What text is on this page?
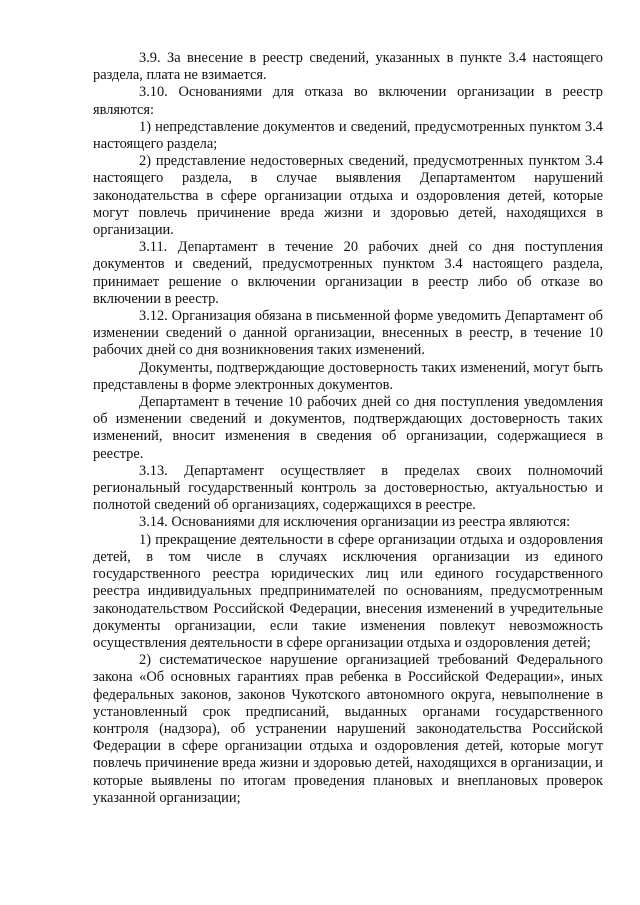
3.9. За внесение в реестр сведений, указанных в пункте 3.4 настоящего раздела, плата не взимается.

3.10. Основаниями для отказа во включении организации в реестр являются:

1) непредставление документов и сведений, предусмотренных пунктом 3.4 настоящего раздела;

2) представление недостоверных сведений, предусмотренных пунктом 3.4 настоящего раздела, в случае выявления Департаментом нарушений законодательства в сфере организации отдыха и оздоровления детей, которые могут повлечь причинение вреда жизни и здоровью детей, находящихся в организации.

3.11. Департамент в течение 20 рабочих дней со дня поступления документов и сведений, предусмотренных пунктом 3.4 настоящего раздела, принимает решение о включении организации в реестр либо об отказе во включении в реестр.

3.12. Организация обязана в письменной форме уведомить Департамент об изменении сведений о данной организации, внесенных в реестр, в течение 10 рабочих дней со дня возникновения таких изменений.

Документы, подтверждающие достоверность таких изменений, могут быть представлены в форме электронных документов.

Департамент в течение 10 рабочих дней со дня поступления уведомления об изменении сведений и документов, подтверждающих достоверность таких изменений, вносит изменения в сведения об организации, содержащиеся в реестре.

3.13. Департамент осуществляет в пределах своих полномочий региональный государственный контроль за достоверностью, актуальностью и полнотой сведений об организациях, содержащихся в реестре.

3.14. Основаниями для исключения организации из реестра являются:

1) прекращение деятельности в сфере организации отдыха и оздоровления детей, в том числе в случаях исключения организации из единого государственного реестра юридических лиц или единого государственного реестра индивидуальных предпринимателей по основаниям, предусмотренным законодательством Российской Федерации, внесения изменений в учредительные документы организации, если такие изменения повлекут невозможность осуществления деятельности в сфере организации отдыха и оздоровления детей;

2) систематическое нарушение организацией требований Федерального закона «Об основных гарантиях прав ребенка в Российской Федерации», иных федеральных законов, законов Чукотского автономного округа, невыполнение в установленный срок предписаний, выданных органами государственного контроля (надзора), об устранении нарушений законодательства Российской Федерации в сфере организации отдыха и оздоровления детей, которые могут повлечь причинение вреда жизни и здоровью детей, находящихся в организации, и которые выявлены по итогам проведения плановых и внеплановых проверок указанной организации;
